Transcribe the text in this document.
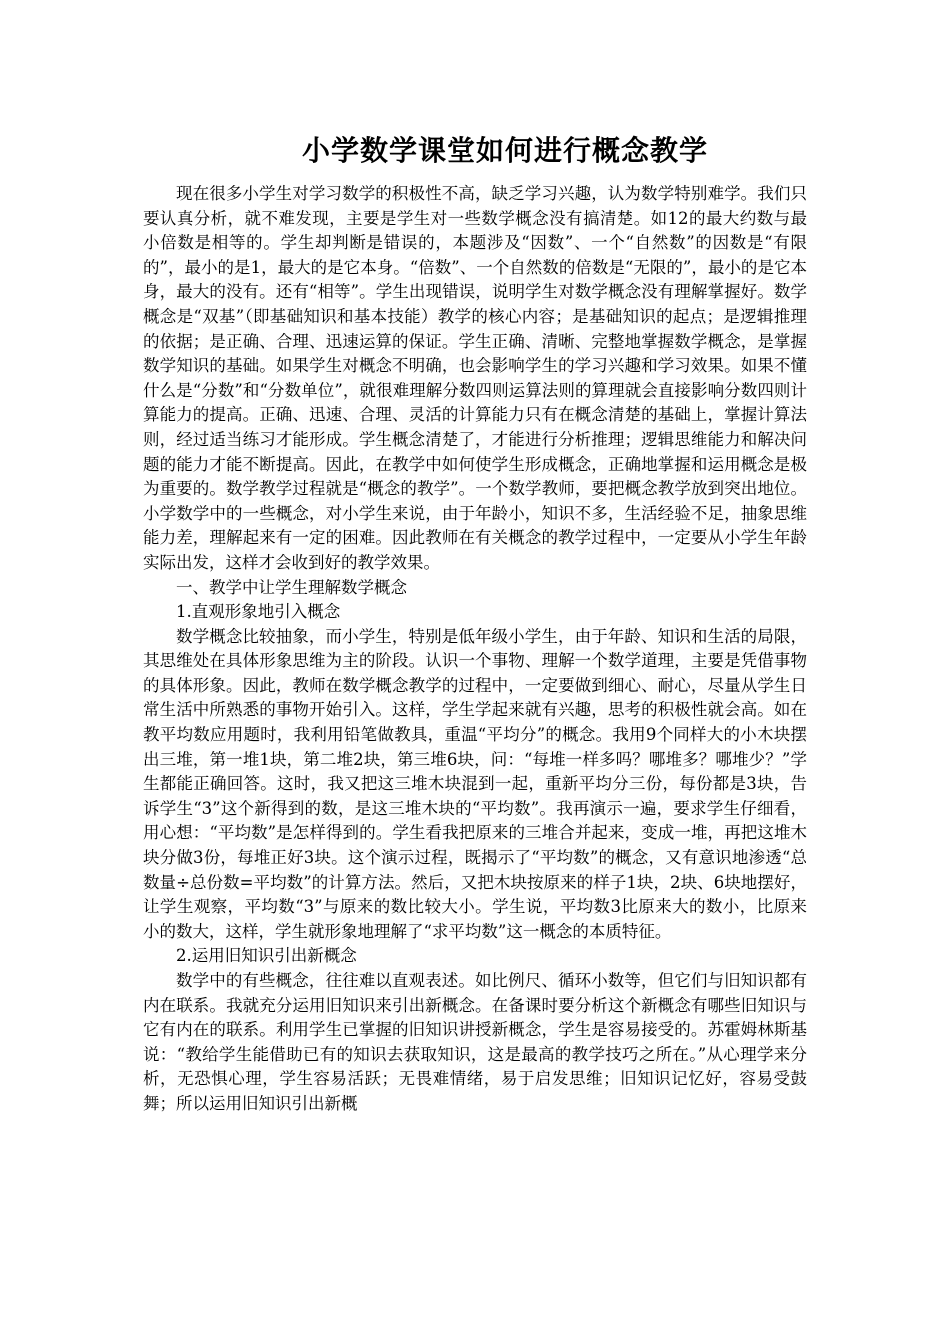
小学数学课堂如何进行概念教学

现在很多小学生对学习数学的积极性不高，缺乏学习兴趣，认为数学特别难学。我们只要认真分析，就不难发现，主要是学生对一些数学概念没有搞清楚。如12的最大约数与最小倍数是相等的。学生却判断是错误的，本题涉及“因数”、一个“自然数”的因数是“有限的”，最小的是1，最大的是它本身。“倍数”、一个自然数的倍数是“无限的”，最小的是它本身，最大的没有。还有“相等”。学生出现错误，说明学生对数学概念没有理解掌握好。数学概念是“双基”（即基础知识和基本技能）教学的核心内容；是基础知识的起点；是逻辑推理的依据；是正确、合理、迅速运算的保证。学生正确、清晰、完整地掌握数学概念，是掌握数学知识的基础。如果学生对概念不明确，也会影响学生的学习兴趣和学习效果。如果不懂什么是“分数”和“分数单位”，就很难理解分数四则运算法则的算理就会直接影响分数四则计算能力的提高。正确、迅速、合理、灵活的计算能力只有在概念清楚的基础上，掌握计算法则，经过适当练习才能形成。学生概念清楚了，才能进行分析推理；逻辑思维能力和解决问题的能力才能不断提高。因此，在教学中如何使学生形成概念，正确地掌握和运用概念是极为重要的。数学教学过程就是“概念的教学”。一个数学教师，要把概念教学放到突出地位。小学数学中的一些概念，对小学生来说，由于年龄小，知识不多，生活经验不足，抽象思维能力差，理解起来有一定的困难。因此教师在有关概念的教学过程中，一定要从小学生年龄实际出发，这样才会收到好的教学效果。

一、教学中让学生理解数学概念

1.直观形象地引入概念

数学概念比较抽象，而小学生，特别是低年级小学生，由于年龄、知识和生活的局限，其思维处在具体形象思维为主的阶段。认识一个事物、理解一个数学道理，主要是凭借事物的具体形象。因此，教师在数学概念教学的过程中，一定要做到细心、耐心，尽量从学生日常生活中所熟悉的事物开始引入。这样，学生学起来就有兴趣，思考的积极性就会高。如在教平均数应用题时，我利用铅笔做教具，重温“平均分”的概念。我用9个同样大的小木块摆出三堆，第一堆1块，第二堆2块，第三堆6块，问：“每堆一样多吗？哪堆多？哪堆少？”学生都能正确回答。这时，我又把这三堆木块混到一起，重新平均分三份，每份都是3块，告诉学生“3”这个新得到的数，是这三堆木块的“平均数”。我再演示一遍，要求学生仔细看，用心想：“平均数”是怎样得到的。学生看我把原来的三堆合并起来，变成一堆，再把这堆木块分做3份，每堆正好3块。这个演示过程，既揭示了“平均数”的概念，又有意识地渗透“总数量÷总份数=平均数”的计算方法。然后，又把木块按原来的样子1块，2块、6块地摆好，让学生观察，平均数“3”与原来的数比较大小。学生说，平均数3比原来大的数小，比原来小的数大，这样，学生就形象地理解了“求平均数”这一概念的本质特征。

2.运用旧知识引出新概念

数学中的有些概念，往往难以直观表述。如比例尺、循环小数等，但它们与旧知识都有内在联系。我就充分运用旧知识来引出新概念。在备课时要分析这个新概念有哪些旧知识与它有内在的联系。利用学生已掌握的旧知识讲授新概念，学生是容易接受的。苏霍姆林斯基说：“教给学生能借助已有的知识去获取知识，这是最高的教学技巧之所在。”从心理学来分析，无恐惧心理，学生容易活跃；无畏难情绪，易于启发思维；旧知识记忆好，容易受鼓舞；所以运用旧知识引出新概
